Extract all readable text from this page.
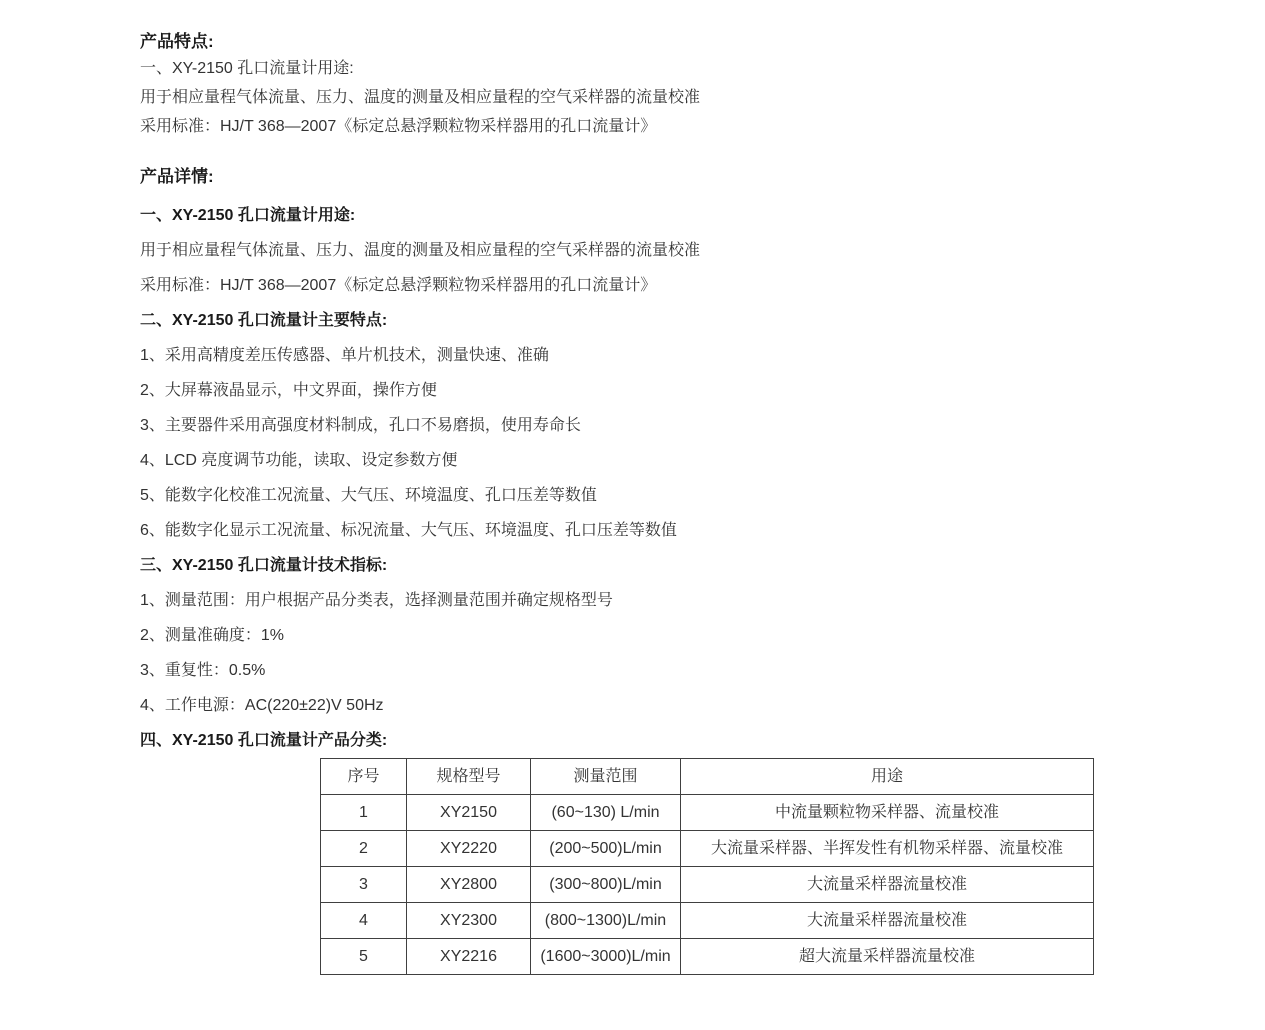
产品特点:

一、XY-2150 孔口流量计用途:

用于相应量程气体流量、压力、温度的测量及相应量程的空气采样器的流量校准

采用标准：HJ/T 368—2007《标定总悬浮颗粒物采样器用的孔口流量计》

产品详情:
一、XY-2150 孔口流量计用途:

用于相应量程气体流量、压力、温度的测量及相应量程的空气采样器的流量校准

采用标准：HJ/T 368—2007《标定总悬浮颗粒物采样器用的孔口流量计》

二、XY-2150 孔口流量计主要特点:

1、采用高精度差压传感器、单片机技术，测量快速、准确

2、大屏幕液晶显示，中文界面，操作方便

3、主要器件采用高强度材料制成，孔口不易磨损，使用寿命长

4、LCD 亮度调节功能，读取、设定参数方便

5、能数字化校准工况流量、大气压、环境温度、孔口压差等数值

6、能数字化显示工况流量、标况流量、大气压、环境温度、孔口压差等数值

三、XY-2150 孔口流量计技术指标:

1、测量范围：用户根据产品分类表，选择测量范围并确定规格型号

2、测量准确度：1%

3、重复性：0.5%

4、工作电源：AC(220±22)V 50Hz

四、XY-2150 孔口流量计产品分类:
序号	规格型号	测量范围	用途
1	XY2150	(60~130) L/min	中流量颗粒物采样器、流量校准
2	XY2220	(200~500)L/min	大流量采样器、半挥发性有机物采样器、流量校准
3	XY2800	(300~800)L/min	大流量采样器流量校准
4	XY2300	(800~1300)L/min	大流量采样器流量校准
5	XY2216	(1600~3000)L/min	超大流量采样器流量校准
